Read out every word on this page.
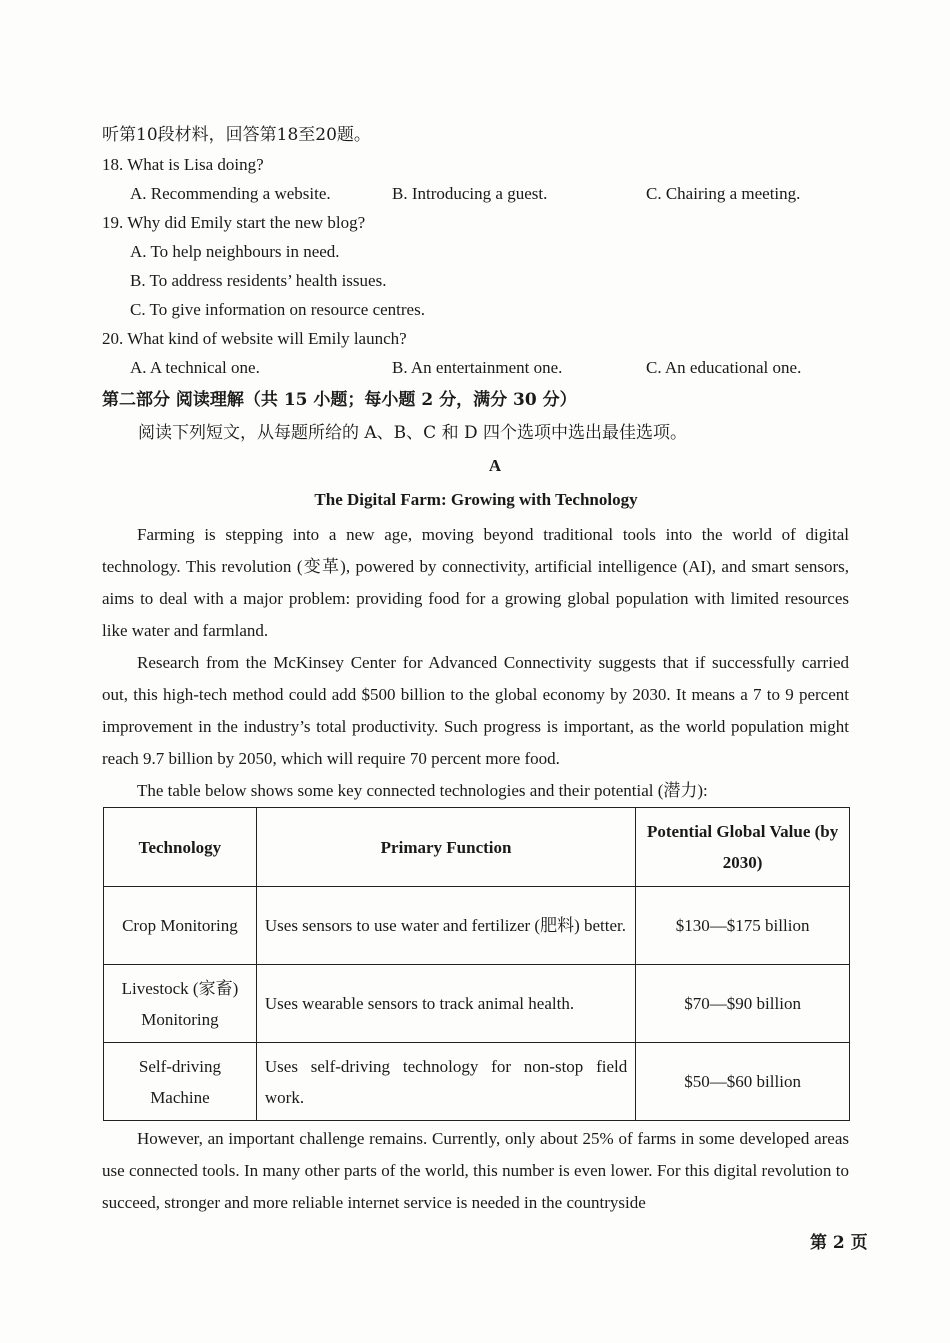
听第10段材料，回答第18至20题。
18. What is Lisa doing?
A. Recommending a website.	B. Introducing a guest.	C. Chairing a meeting.
19. Why did Emily start the new blog?
A. To help neighbours in need.
B. To address residents’ health issues.
C. To give information on resource centres.
20. What kind of website will Emily launch?
A. A technical one.	B. An entertainment one.	C. An educational one.
第二部分 阅读理解（共 15 小题；每小题 2 分，满分 30 分）
阅读下列短文，从每题所给的 A、B、C 和 D 四个选项中选出最佳选项。
A
The Digital Farm: Growing with Technology

Farming is stepping into a new age, moving beyond traditional tools into the world of digital technology. This revolution (变革), powered by connectivity, artificial intelligence (AI), and smart sensors, aims to deal with a major problem: providing food for a growing global population with limited resources like water and farmland.

Research from the McKinsey Center for Advanced Connectivity suggests that if successfully carried out, this high-tech method could add $500 billion to the global economy by 2030. It means a 7 to 9 percent improvement in the industry’s total productivity. Such progress is important, as the world population might reach 9.7 billion by 2050, which will require 70 percent more food.

The table below shows some key connected technologies and their potential (潜力):

Technology	Primary Function	Potential Global Value (by 2030)
Crop Monitoring	Uses sensors to use water and fertilizer (肥料) better.	$130—$175 billion
Livestock (家畜) Monitoring	Uses wearable sensors to track animal health.	$70—$90 billion
Self-driving Machine	Uses self-driving technology for non-stop field work.	$50—$60 billion

However, an important challenge remains. Currently, only about 25% of farms in some developed areas use connected tools. In many other parts of the world, this number is even lower. For this digital revolution to succeed, stronger and more reliable internet service is needed in the countryside

第 2 页
